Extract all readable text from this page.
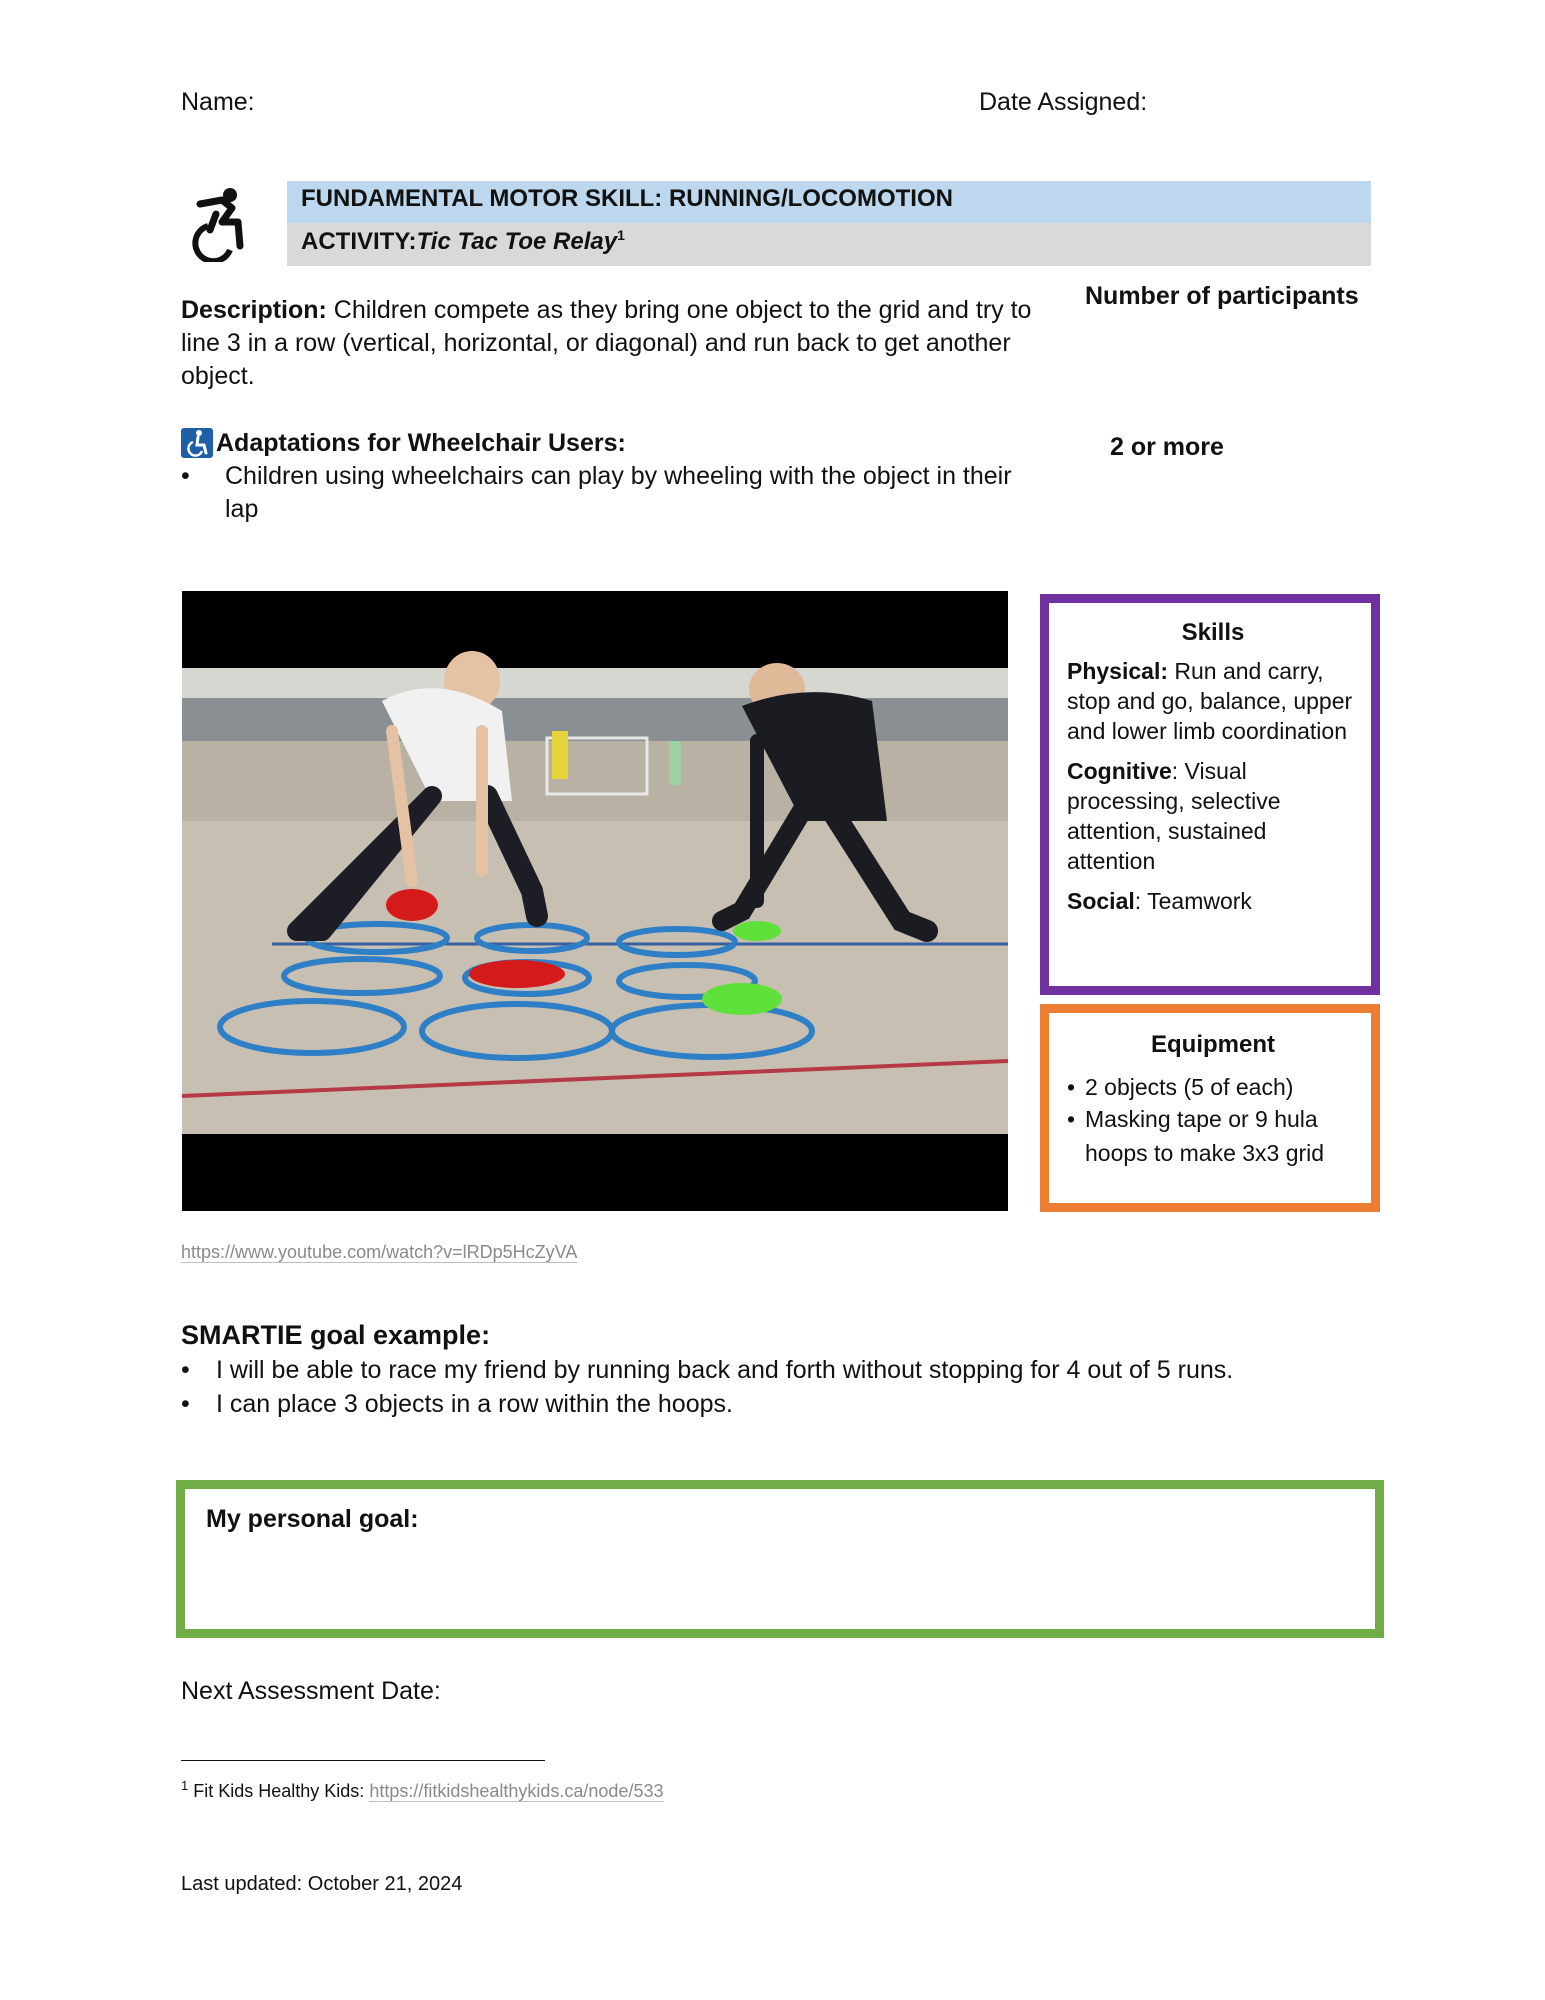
Name:	Date Assigned:
FUNDAMENTAL MOTOR SKILL: RUNNING/LOCOMOTION
ACTIVITY:Tic Tac Toe Relay$^1$
Description: Children compete as they bring one object to the grid and try to line 3 in a row (vertical, horizontal, or diagonal) and run back to get another object.
Number of participants
2 or more
Adaptations for Wheelchair Users:
•	Children using wheelchairs can play by wheeling with the object in their lap
Skills
Physical: Run and carry, stop and go, balance, upper and lower limb coordination
Cognitive: Visual processing, selective attention, sustained attention
Social: Teamwork
Equipment
• 2 objects (5 of each)
• Masking tape or 9 hula hoops to make 3x3 grid
https://www.youtube.com/watch?v=lRDp5HcZyVA
SMARTIE goal example:
• I will be able to race my friend by running back and forth without stopping for 4 out of 5 runs.
• I can place 3 objects in a row within the hoops.
My personal goal:
Next Assessment Date:
$^1$ Fit Kids Healthy Kids: https://fitkidshealthykids.ca/node/533
Last updated: October 21, 2024
